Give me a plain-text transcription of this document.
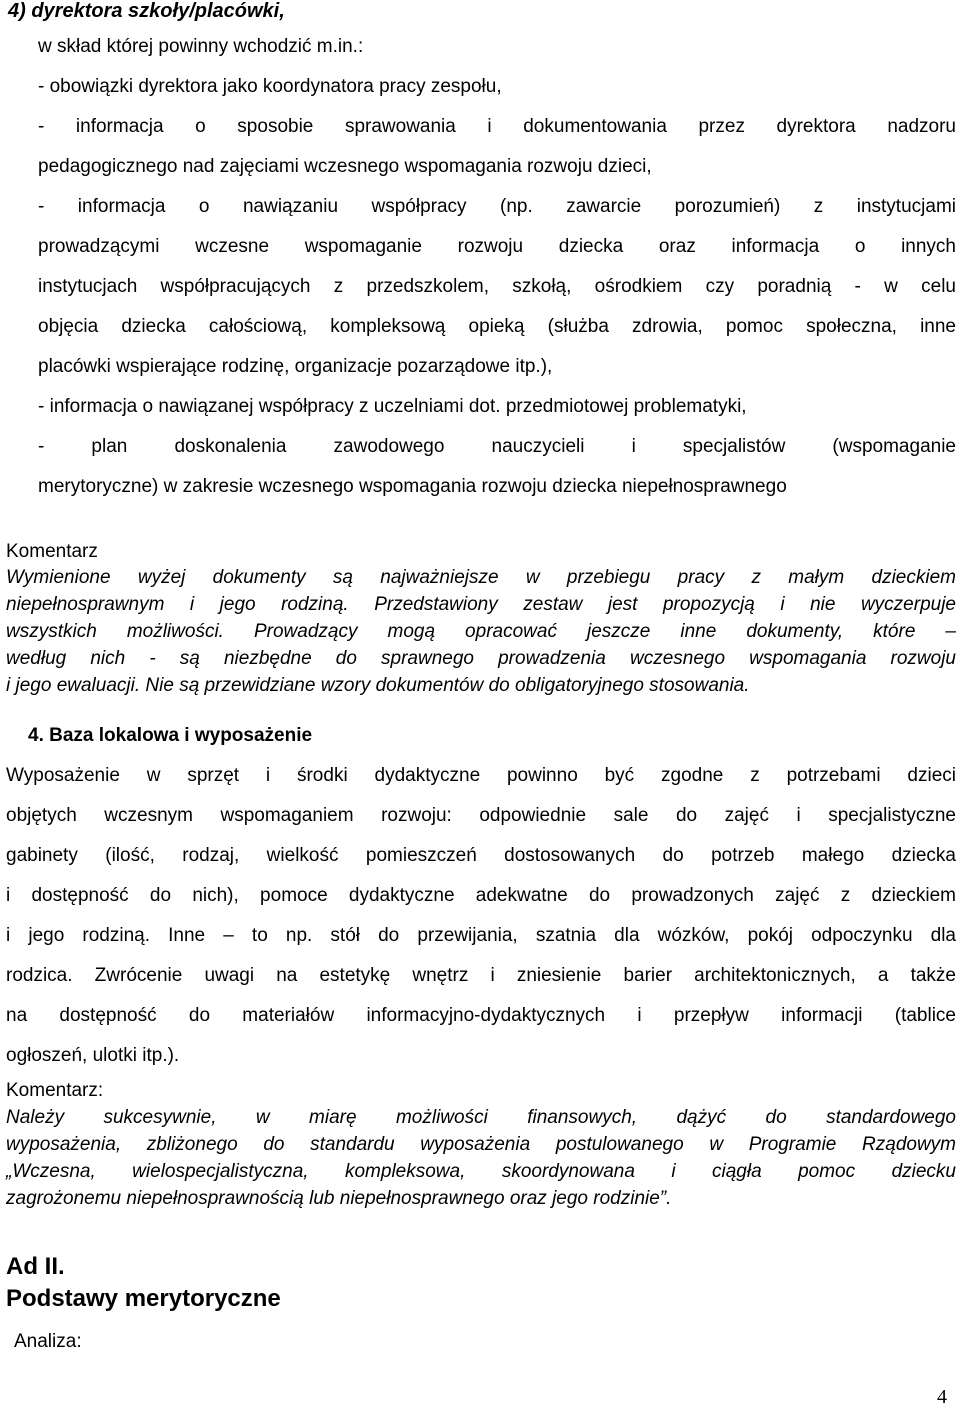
4) dyrektora szkoły/placówki,
w skład której powinny wchodzić m.in.:
- obowiązki dyrektora jako koordynatora pracy zespołu,
- informacja o sposobie sprawowania i dokumentowania przez dyrektora nadzoru
pedagogicznego nad zajęciami wczesnego wspomagania rozwoju dzieci,
- informacja o nawiązaniu współpracy (np. zawarcie porozumień) z instytucjami
prowadzącymi wczesne wspomaganie rozwoju dziecka oraz informacja o innych
instytucjach współpracujących z przedszkolem, szkołą, ośrodkiem czy poradnią - w celu
objęcia dziecka całościową, kompleksową opieką (służba zdrowia, pomoc społeczna, inne
placówki wspierające rodzinę, organizacje pozarządowe itp.),
- informacja o nawiązanej współpracy z uczelniami dot. przedmiotowej problematyki,
- plan doskonalenia zawodowego nauczycieli i specjalistów (wspomaganie
merytoryczne) w zakresie wczesnego wspomagania rozwoju dziecka niepełnosprawnego
Komentarz
Wymienione wyżej dokumenty są najważniejsze w przebiegu pracy z małym dzieckiem
niepełnosprawnym i jego rodziną. Przedstawiony zestaw jest propozycją i nie wyczerpuje
wszystkich możliwości. Prowadzący mogą opracować jeszcze inne dokumenty, które –
według nich - są niezbędne do sprawnego prowadzenia wczesnego wspomagania rozwoju
i jego ewaluacji. Nie są przewidziane wzory dokumentów do obligatoryjnego stosowania.
4. Baza lokalowa i wyposażenie
Wyposażenie w sprzęt i środki dydaktyczne powinno być zgodne z potrzebami dzieci
objętych wczesnym wspomaganiem rozwoju: odpowiednie sale do zajęć i specjalistyczne
gabinety (ilość, rodzaj, wielkość pomieszczeń dostosowanych do potrzeb małego dziecka
i dostępność do nich), pomoce dydaktyczne adekwatne do prowadzonych zajęć z dzieckiem
i jego rodziną. Inne – to np. stół do przewijania, szatnia dla wózków, pokój odpoczynku dla
rodzica. Zwrócenie uwagi na estetykę wnętrz i zniesienie barier architektonicznych, a także
na dostępność do materiałów informacyjno-dydaktycznych i przepływ informacji (tablice
ogłoszeń, ulotki itp.).
Komentarz:
Należy sukcesywnie, w miarę możliwości finansowych, dążyć do standardowego
wyposażenia, zbliżonego do standardu wyposażenia postulowanego w Programie Rządowym
„Wczesna, wielospecjalistyczna, kompleksowa, skoordynowana i ciągła pomoc dziecku
zagrożonemu niepełnosprawnością lub niepełnosprawnego oraz jego rodzinie”.
Ad II.
Podstawy merytoryczne
Analiza:
4
